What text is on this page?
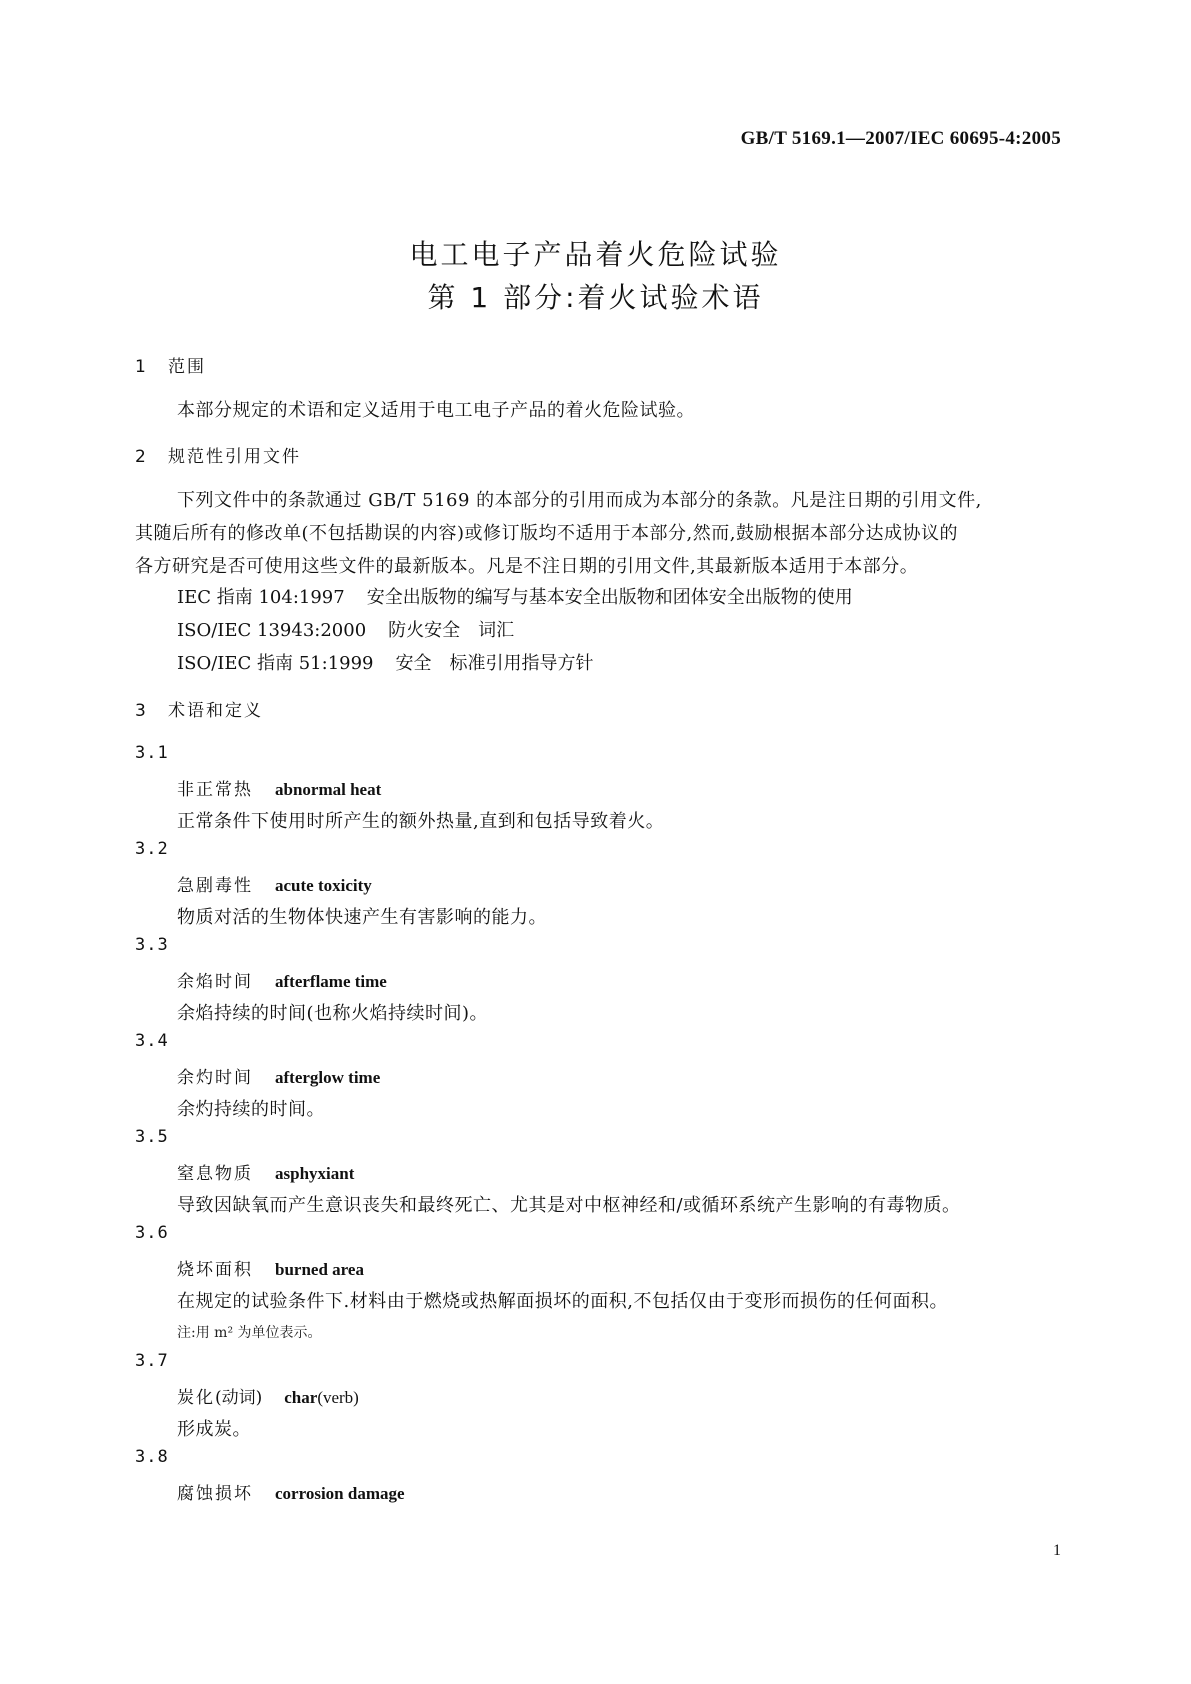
GB/T 5169.1—2007/IEC 60695-4:2005
电工电子产品着火危险试验
第 1 部分:着火试验术语
1 范围
本部分规定的术语和定义适用于电工电子产品的着火危险试验。
2 规范性引用文件
下列文件中的条款通过 GB/T 5169 的本部分的引用而成为本部分的条款。凡是注日期的引用文件,
其随后所有的修改单(不包括勘误的内容)或修订版均不适用于本部分,然而,鼓励根据本部分达成协议的
各方研究是否可使用这些文件的最新版本。凡是不注日期的引用文件,其最新版本适用于本部分。
IEC 指南 104:1997 安全出版物的编写与基本安全出版物和团体安全出版物的使用
ISO/IEC 13943:2000 防火安全　词汇
ISO/IEC 指南 51:1999 安全　标准引用指导方针
3 术语和定义
3.1
非正常热 abnormal heat
正常条件下使用时所产生的额外热量,直到和包括导致着火。
3.2
急剧毒性 acute toxicity
物质对活的生物体快速产生有害影响的能力。
3.3
余焰时间 afterflame time
余焰持续的时间(也称火焰持续时间)。
3.4
余灼时间 afterglow time
余灼持续的时间。
3.5
窒息物质 asphyxiant
导致因缺氧而产生意识丧失和最终死亡、尤其是对中枢神经和/或循环系统产生影响的有毒物质。
3.6
烧坏面积 burned area
在规定的试验条件下.材料由于燃烧或热解面损坏的面积,不包括仅由于变形而损伤的任何面积。
注:用 m² 为单位表示。
3.7
炭化(动词) char(verb)
形成炭。
3.8
腐蚀损坏 corrosion damage
1
